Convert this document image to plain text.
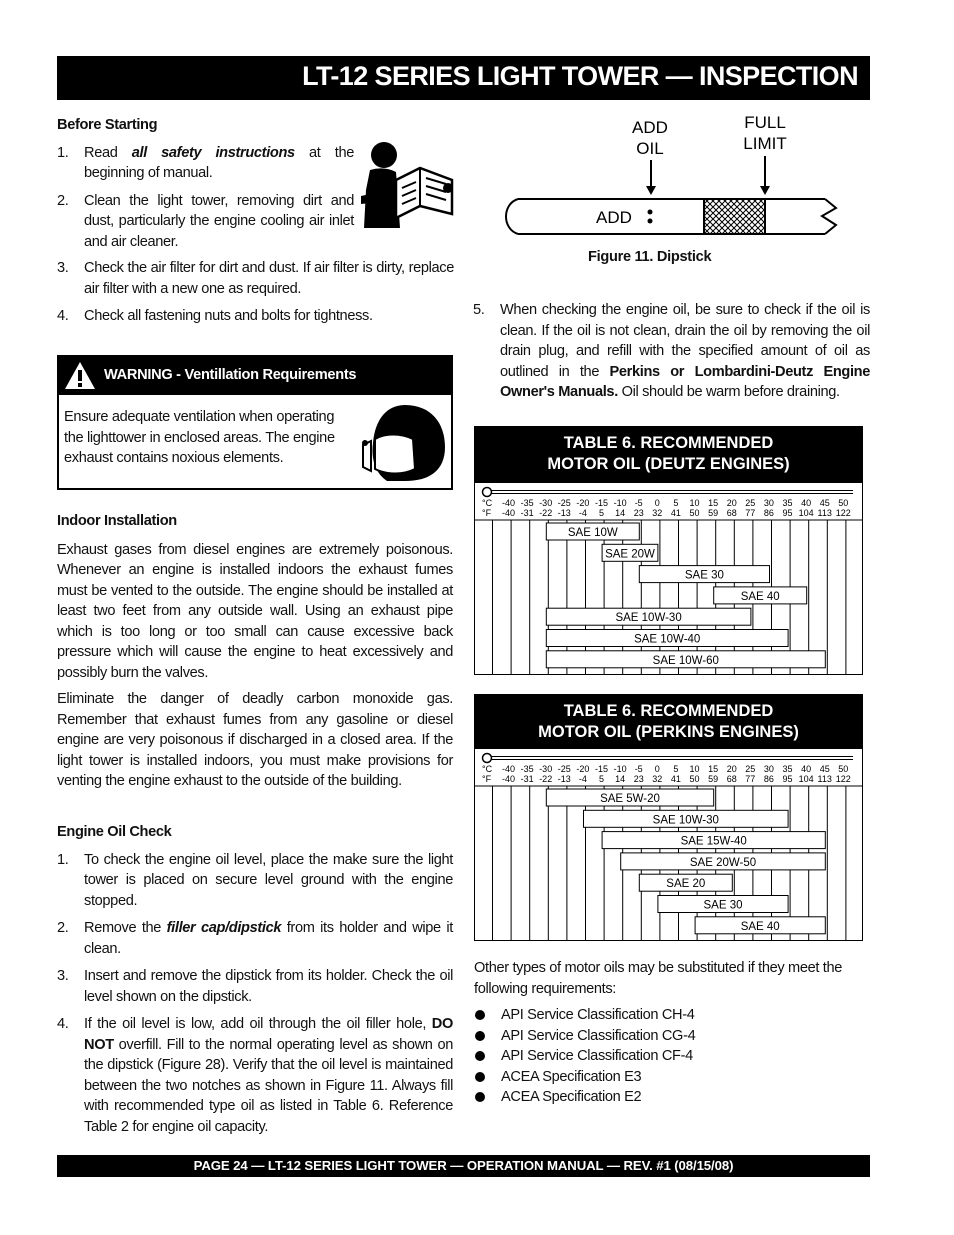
LT-12 SERIES LIGHT TOWER — INSPECTION
Before Starting
1. Read all safety instructions at the beginning of manual.
2. Clean the light tower, removing dirt and dust, particularly the engine cooling air inlet and air cleaner.
3. Check the air filter for dirt and dust. If air filter is dirty, replace air filter with a new one as required.
4. Check all fastening nuts and bolts for tightness.
WARNING - Ventillation Requirements
Ensure adequate ventilation when operating the lighttower in enclosed areas. The engine exhaust contains noxious elements.
Indoor Installation
Exhaust gases from diesel engines are extremely poisonous. Whenever an engine is installed indoors the exhaust fumes must be vented to the outside. The engine should be installed at least two feet from any outside wall. Using an exhaust pipe which is too long or too small can cause excessive back pressure which will cause the engine to heat excessively and possibly burn the valves.
Eliminate the danger of deadly carbon monoxide gas. Remember that exhaust fumes from any gasoline or diesel engine are very poisonous if discharged in a closed area. If the light tower is installed indoors, you must make provisions for venting the engine exhaust to the outside of the building.
Engine Oil Check
1. To check the engine oil level, place the make sure the light tower is placed on secure level ground with the engine stopped.
2. Remove the filler cap/dipstick from its holder and wipe it clean.
3. Insert and remove the dipstick from its holder. Check the oil level shown on the dipstick.
4. If the oil level is low, add oil through the oil filler hole, DO NOT overfill. Fill to the normal operating level as shown on the dipstick (Figure 28). Verify that the oil level is maintained between the two notches as shown in Figure 11. Always fill with recommended type oil as listed in Table 6. Reference Table 2 for engine oil capacity.
ADD
OIL
FULL
LIMIT
ADD
Figure 11. Dipstick
5. When checking the engine oil, be sure to check if the oil is clean. If the oil is not clean, drain the oil by removing the oil drain plug, and refill with the specified amount of oil as outlined in the Perkins or Lombardini-Deutz Engine Owner's Manuals. Oil should be warm before draining.
TABLE 6. RECOMMENDED
MOTOR OIL (DEUTZ ENGINES)
°C
°F
-40 -35 -30 -25 -20 -15 -10 -5 0 5 10 15 20 25 30 35 40 45 50
-40 -31 -22 -13 -4 5 14 23 32 41 50 59 68 77 86 95 104 113 122
SAE 10W
SAE 20W
SAE 30
SAE 40
SAE 10W-30
SAE 10W-40
SAE 10W-60
TABLE 6. RECOMMENDED
MOTOR OIL (PERKINS ENGINES)
°C
°F
-40 -35 -30 -25 -20 -15 -10 -5 0 5 10 15 20 25 30 35 40 45 50
-40 -31 -22 -13 -4 5 14 23 32 41 50 59 68 77 86 95 104 113 122
SAE 5W-20
SAE 10W-30
SAE 15W-40
SAE 20W-50
SAE 20
SAE 30
SAE 40
Other types of motor oils may be substituted if they meet the following requirements:
API Service Classification CH-4
API Service Classification CG-4
API Service Classification CF-4
ACEA Specification E3
ACEA Specification E2
PAGE 24 — LT-12 SERIES LIGHT TOWER — OPERATION MANUAL — REV. #1 (08/15/08)
